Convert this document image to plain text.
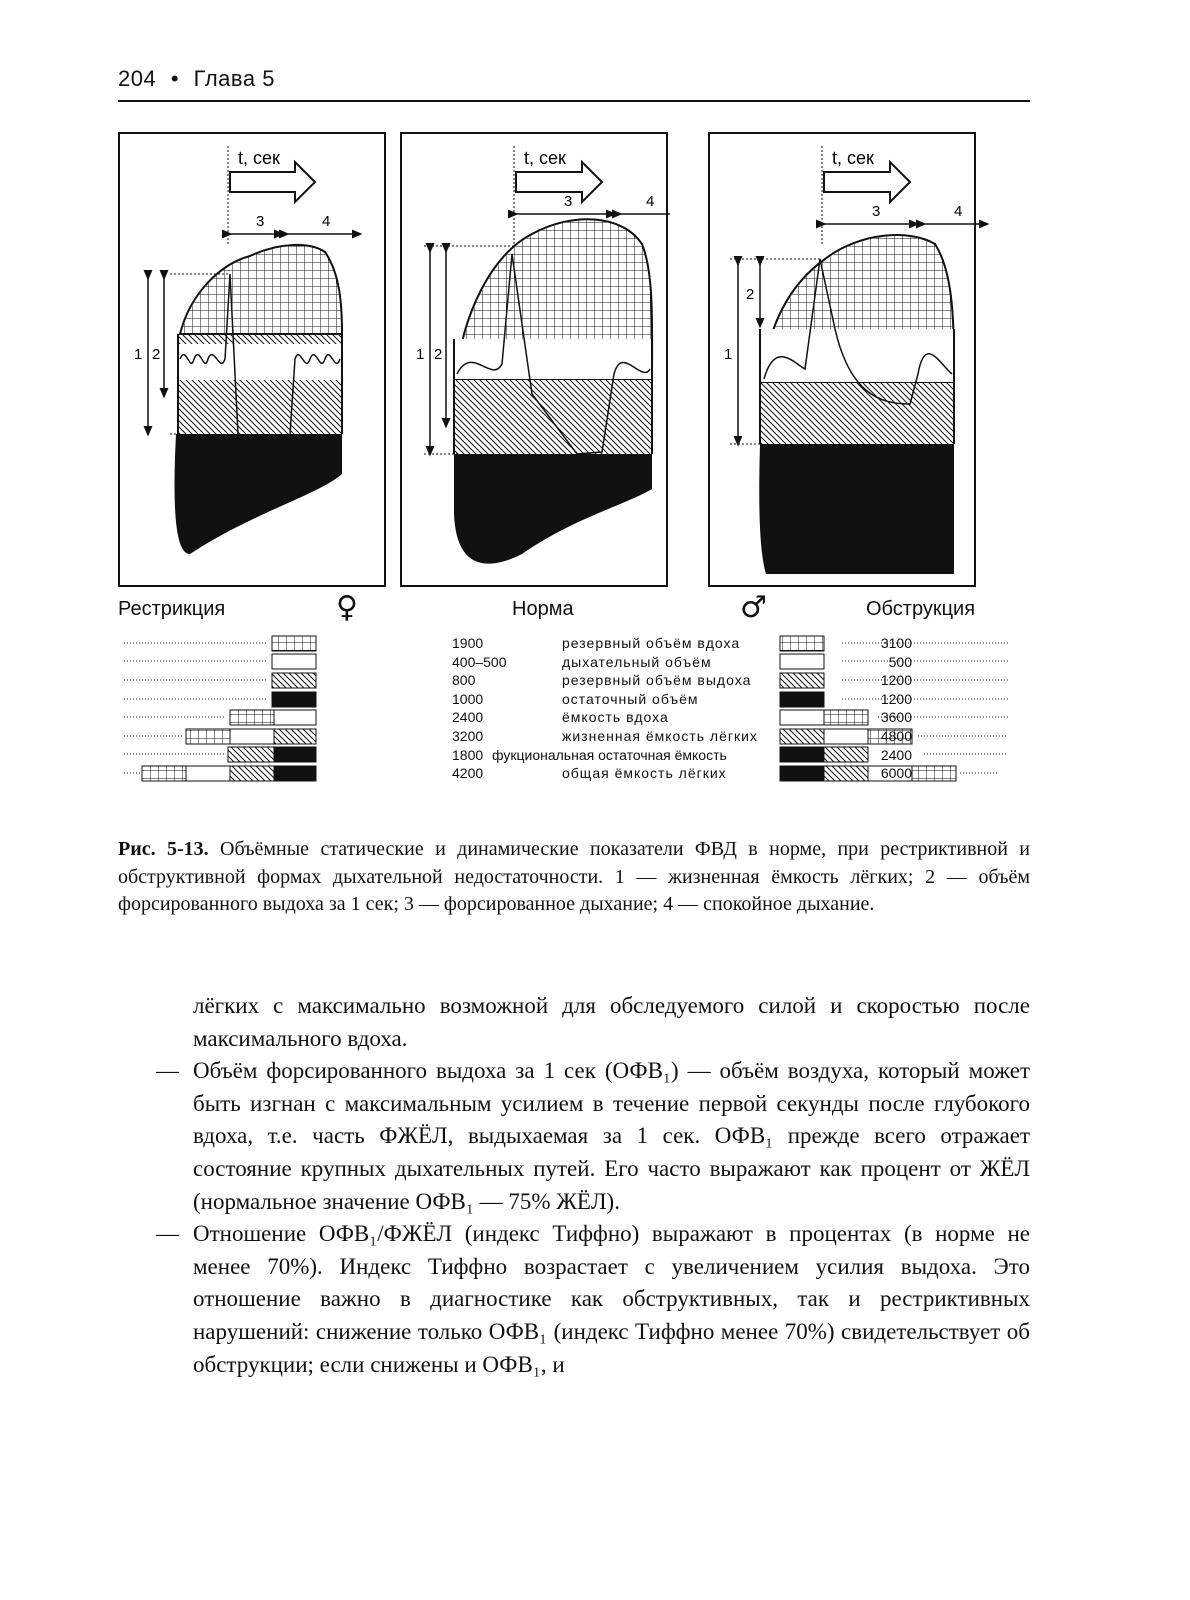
204 • Глава 5
t, сек
3	4
1 2
t, сек
3	4
1 2
t, сек
3	4
1
2
Рестрикция	♀	Норма	♂	Обструкция
1900	резервный объём вдоха	3100
400–500	дыхательный объём	500
800	резервный объём выдоха	1200
1000	остаточный объём	1200
2400	ёмкость вдоха	3600
3200	жизненная ёмкость лёгких	4800
1800 фукциональная остаточная ёмкость	2400
4200	общая ёмкость лёгких	6000
Рис. 5-13. Объёмные статические и динамические показатели ФВД в норме, при рестриктивной и обструктивной формах дыхательной недостаточности. 1 — жизненная ёмкость лёгких; 2 — объём форсированного выдоха за 1 сек; 3 — форсированное дыхание; 4 — спокойное дыхание.

лёгких с максимально возможной для обследуемого силой и скоростью после максимального вдоха.

— Объём форсированного выдоха за 1 сек (ОФВ₁) — объём воздуха, который может быть изгнан с максимальным усилием в течение первой секунды после глубокого вдоха, т.е. часть ФЖЁЛ, выдыхаемая за 1 сек. ОФВ₁ прежде всего отражает состояние крупных дыхательных путей. Его часто выражают как процент от ЖЁЛ (нормальное значение ОФВ₁ — 75% ЖЁЛ).

— Отношение ОФВ₁/ФЖЁЛ (индекс Тиффно) выражают в процентах (в норме не менее 70%). Индекс Тиффно возрастает с увеличением усилия выдоха. Это отношение важно в диагностике как обструктивных, так и рестриктивных нарушений: снижение только ОФВ₁ (индекс Тиффно менее 70%) свидетельствует об обструкции; если снижены и ОФВ₁, и
